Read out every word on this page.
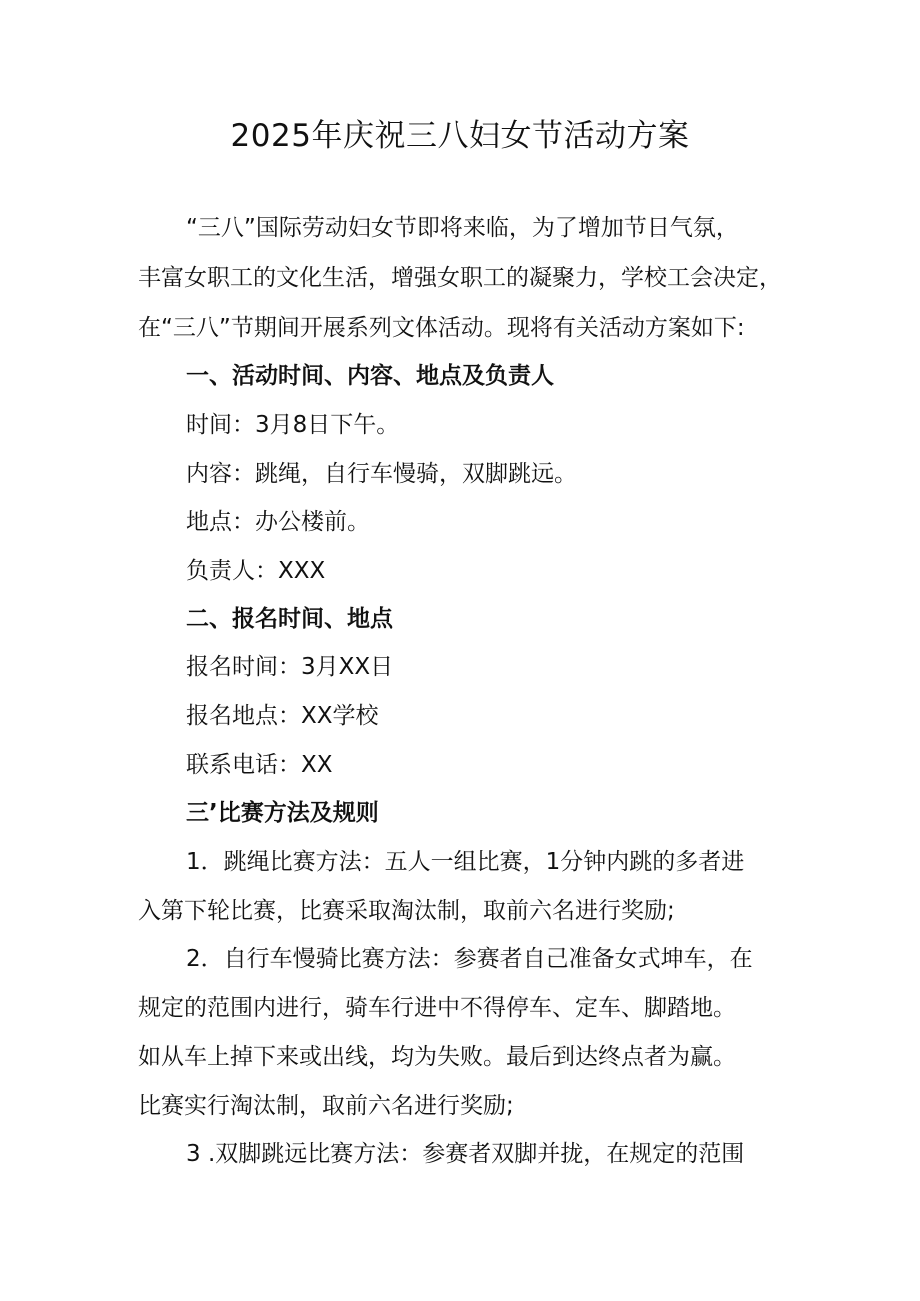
2025年庆祝三八妇女节活动方案

“三八”国际劳动妇女节即将来临，为了增加节日气氛，

丰富女职工的文化生活，增强女职工的凝聚力，学校工会决定，

在“三八”节期间开展系列文体活动。现将有关活动方案如下:

一、活动时间、内容、地点及负责人

时间：3月8日下午。

内容：跳绳，自行车慢骑，双脚跳远。

地点：办公楼前。

负责人：XXX

二、报名时间、地点

报名时间：3月XX日

报名地点：XX学校

联系电话：XX

三’比赛方法及规则

1．跳绳比赛方法：五人一组比赛，1分钟内跳的多者进

入第下轮比赛，比赛采取淘汰制，取前六名进行奖励;

2．自行车慢骑比赛方法：参赛者自己准备女式坤车，在

规定的范围内进行，骑车行进中不得停车、定车、脚踏地。

如从车上掉下来或出线，均为失败。最后到达终点者为赢。

比赛实行淘汰制，取前六名进行奖励;

3 .双脚跳远比赛方法：参赛者双脚并拢，在规定的范围
